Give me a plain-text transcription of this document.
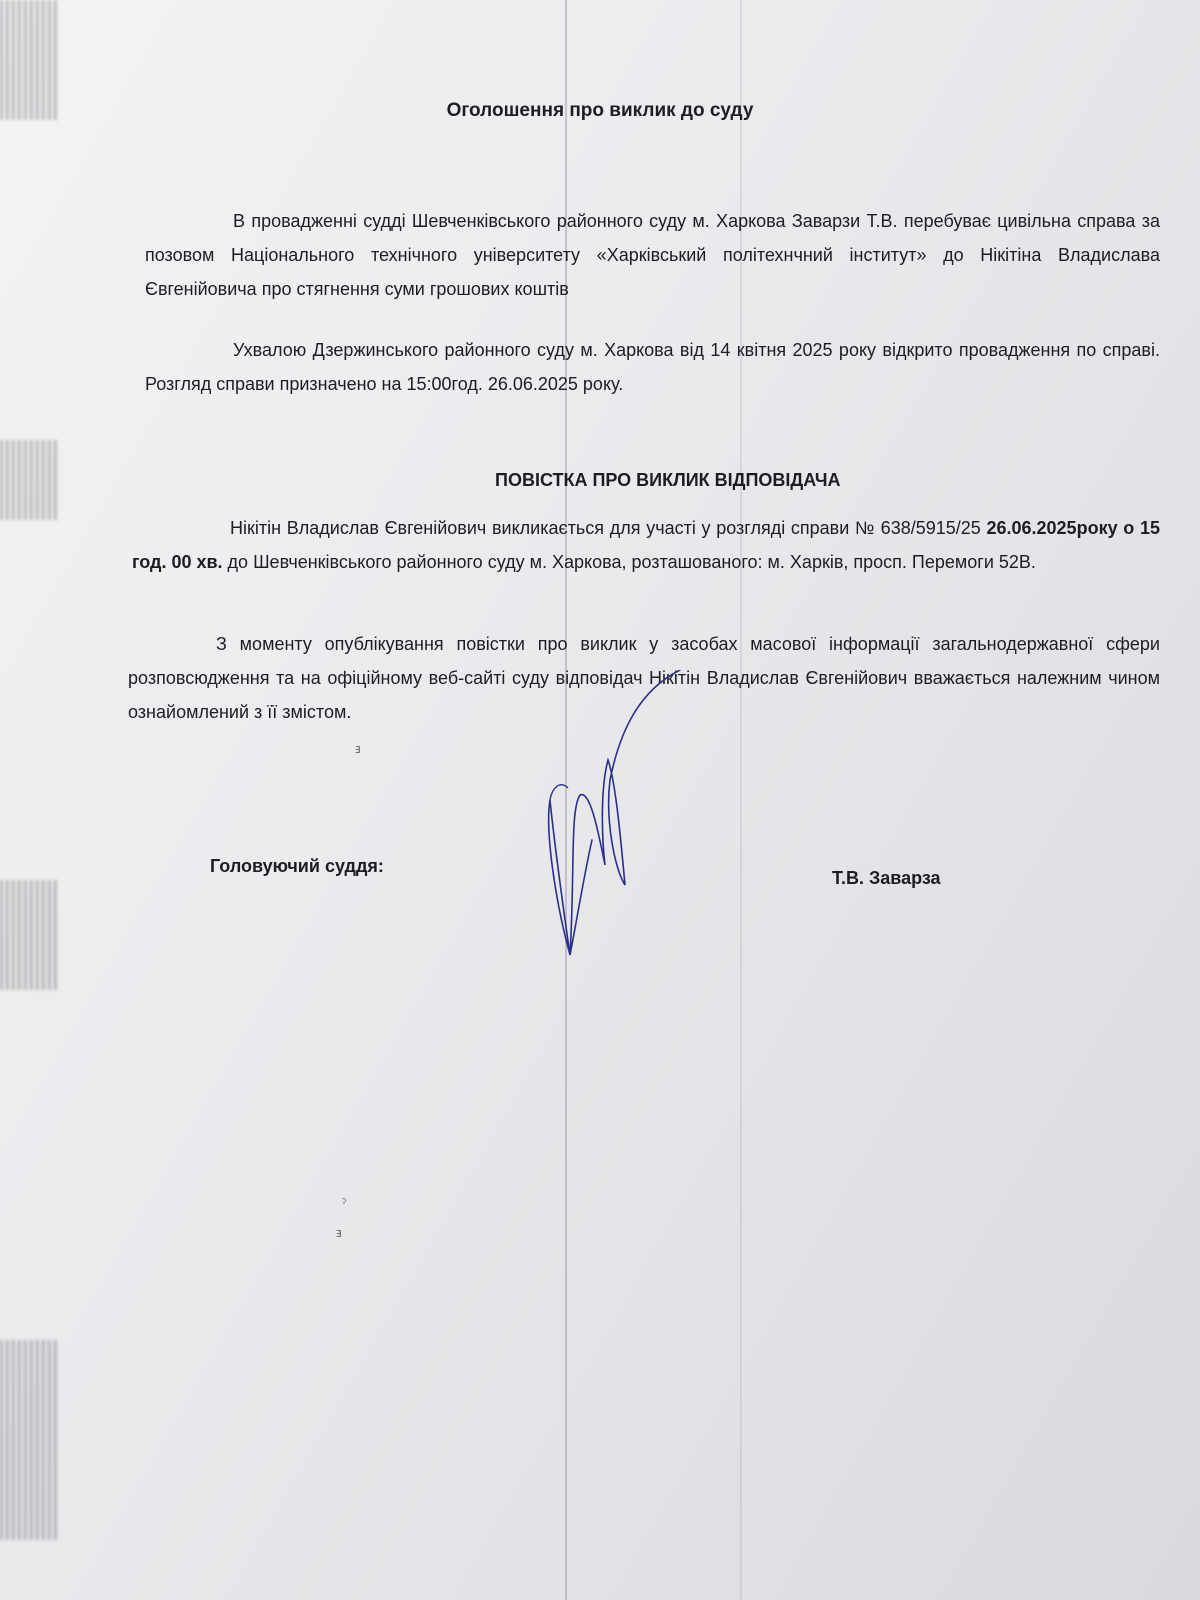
Оголошення про виклик до суду

В провадженні судді Шевченківського районного суду м. Харкова Заварзи Т.В. перебуває цивільна справа за позовом Національного технічного університету «Харківський політехнчний інститут» до Нікітіна Владислава Євгенійовича про стягнення суми грошових коштів

Ухвалою Дзержинського районного суду м. Харкова від 14 квітня 2025 року відкрито провадження по справі. Розгляд справи призначено на 15:00год. 26.06.2025 року.

ПОВІСТКА ПРО ВИКЛИК ВІДПОВІДАЧА

Нікітін Владислав Євгенійович викликається для участі у розгляді справи № 638/5915/25 26.06.2025року о 15 год. 00 хв. до Шевченківського районного суду м. Харкова, розташованого: м. Харків, просп. Перемоги 52В.

З моменту опублікування повістки про виклик у засобах масової інформації загальнодержавної сфери розповсюдження та на офіційному веб-сайті суду відповідач Нікітін Владислав Євгенійович вважається належним чином ознайомлений з її змістом.

Головуючий суддя:
Т.В. Заварза
ⱻ
ˀ
ⱻ
